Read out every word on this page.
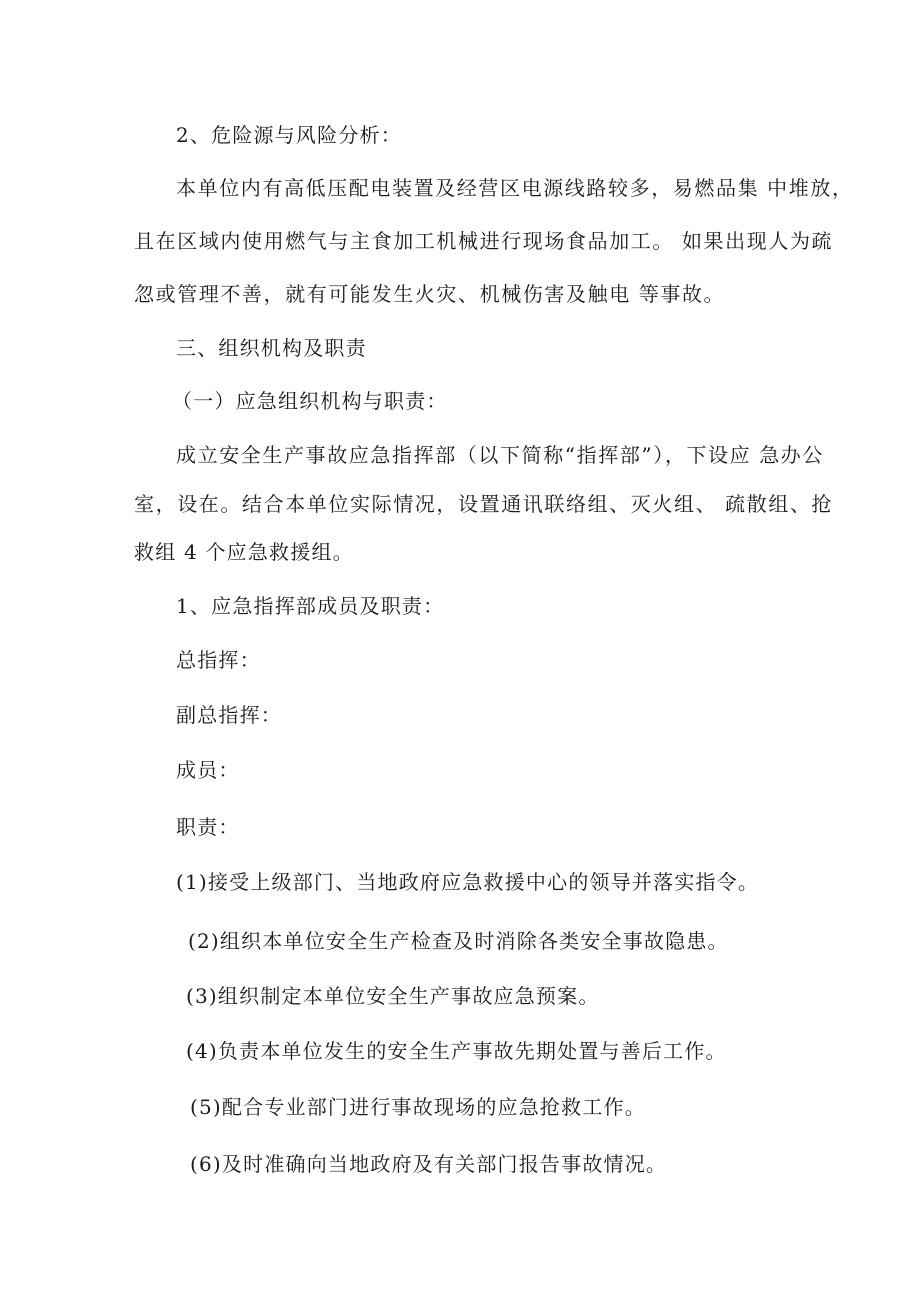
2、危险源与风险分析：
本单位内有高低压配电装置及经营区电源线路较多，易燃品集 中堆放，
且在区域内使用燃气与主食加工机械进行现场食品加工。 如果出现人为疏
忽或管理不善，就有可能发生火灾、机械伤害及触电 等事故。
三、组织机构及职责
（一）应急组织机构与职责：
成立安全生产事故应急指挥部（以下简称“指挥部”），下设应 急办公
室，设在。结合本单位实际情况，设置通讯联络组、灭火组、 疏散组、抢
救组 4 个应急救援组。
1、应急指挥部成员及职责：
总指挥：
副总指挥：
成员：
职责：
(1)接受上级部门、当地政府应急救援中心的领导并落实指令。
(2)组织本单位安全生产检查及时消除各类安全事故隐患。
(3)组织制定本单位安全生产事故应急预案。
(4)负责本单位发生的安全生产事故先期处置与善后工作。
(5)配合专业部门进行事故现场的应急抢救工作。
(6)及时准确向当地政府及有关部门报告事故情况。
